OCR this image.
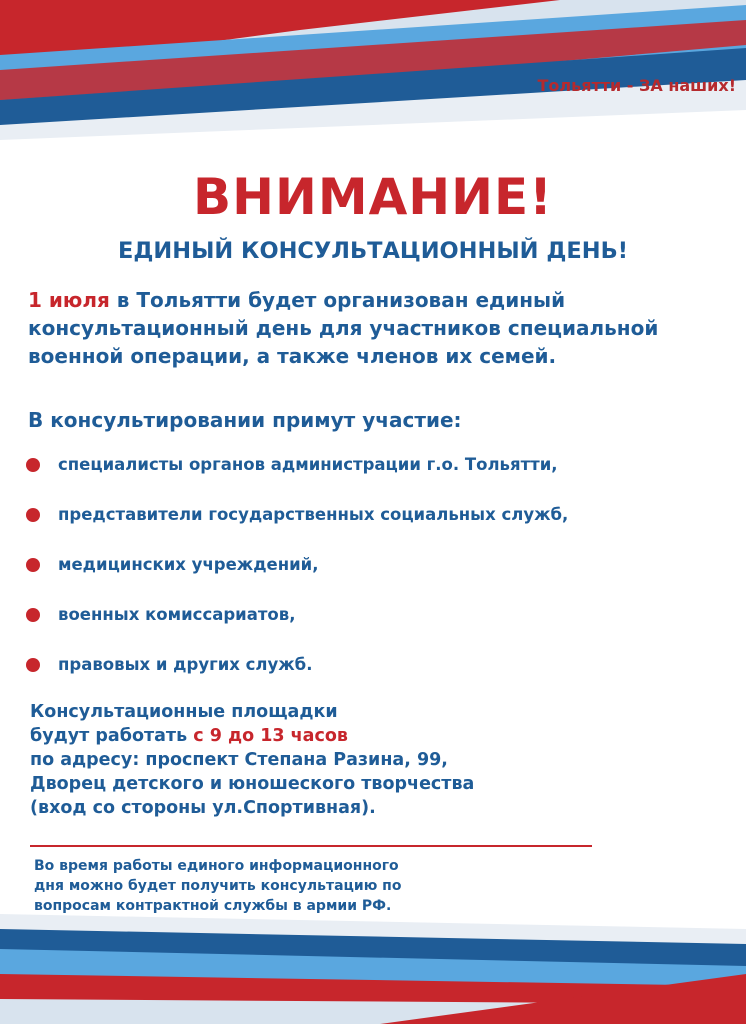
Тольятти - ЗА наших!
ВНИМАНИЕ!
ЕДИНЫЙ КОНСУЛЬТАЦИОННЫЙ ДЕНЬ!
1 июля в Тольятти будет организован единый консультационный день для участников специальной военной операции, а также членов их семей.
В консультировании примут участие:
специалисты органов администрации г.о. Тольятти,
представители государственных социальных служб,
медицинских учреждений,
военных комиссариатов,
правовых и других служб.
Консультационные площадки
будут работать с 9 до 13 часов
по адресу: проспект Степана Разина, 99,
Дворец детского и юношеского творчества
(вход со стороны ул.Спортивная).
Во время работы единого информационного
дня можно будет получить консультацию по
вопросам контрактной службы в армии РФ.
